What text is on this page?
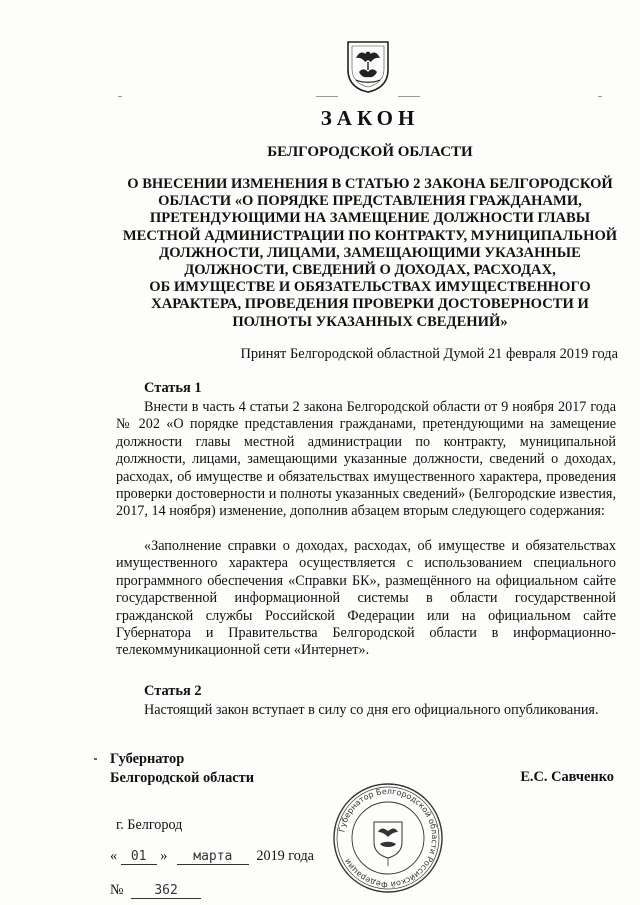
ЗАКОН
БЕЛГОРОДСКОЙ ОБЛАСТИ
О ВНЕСЕНИИ ИЗМЕНЕНИЯ В СТАТЬЮ 2 ЗАКОНА БЕЛГОРОДСКОЙ
ОБЛАСТИ «О ПОРЯДКЕ ПРЕДСТАВЛЕНИЯ ГРАЖДАНАМИ,
ПРЕТЕНДУЮЩИМИ НА ЗАМЕЩЕНИЕ ДОЛЖНОСТИ ГЛАВЫ
МЕСТНОЙ АДМИНИСТРАЦИИ ПО КОНТРАКТУ, МУНИЦИПАЛЬНОЙ
ДОЛЖНОСТИ, ЛИЦАМИ, ЗАМЕЩАЮЩИМИ УКАЗАННЫЕ
ДОЛЖНОСТИ, СВЕДЕНИЙ О ДОХОДАХ, РАСХОДАХ,
ОБ ИМУЩЕСТВЕ И ОБЯЗАТЕЛЬСТВАХ ИМУЩЕСТВЕННОГО
ХАРАКТЕРА, ПРОВЕДЕНИЯ ПРОВЕРКИ ДОСТОВЕРНОСТИ И
ПОЛНОТЫ УКАЗАННЫХ СВЕДЕНИЙ»
Принят Белгородской областной Думой 21 февраля 2019 года
Статья 1

Внести в часть 4 статьи 2 закона Белгородской области от 9 ноября 2017 года № 202 «О порядке представления гражданами, претендующими на замещение должности главы местной администрации по контракту, муниципальной должности, лицами, замещающими указанные должности, сведений о доходах, расходах, об имуществе и обязательствах имущественного характера, проведения проверки достоверности и полноты указанных сведений» (Белгородские известия, 2017, 14 ноября) изменение, дополнив абзацем вторым следующего содержания:

«Заполнение справки о доходах, расходах, об имуществе и обязательствах имущественного характера осуществляется с использованием специального программного обеспечения «Справки БК», размещённого на официальном сайте государственной информационной системы в области государственной гражданской службы Российской Федерации или на официальном сайте Губернатора и Правительства Белгородской области в информационно-телекоммуникационной сети «Интернет».

Статья 2

Настоящий закон вступает в силу со дня его официального опубликования.

Губернатор
Белгородской области	Е.С. Савченко
г. Белгород
« 01 » марта 2019 года
№ 362
Губернатор Белгородской области Российской Федерации
